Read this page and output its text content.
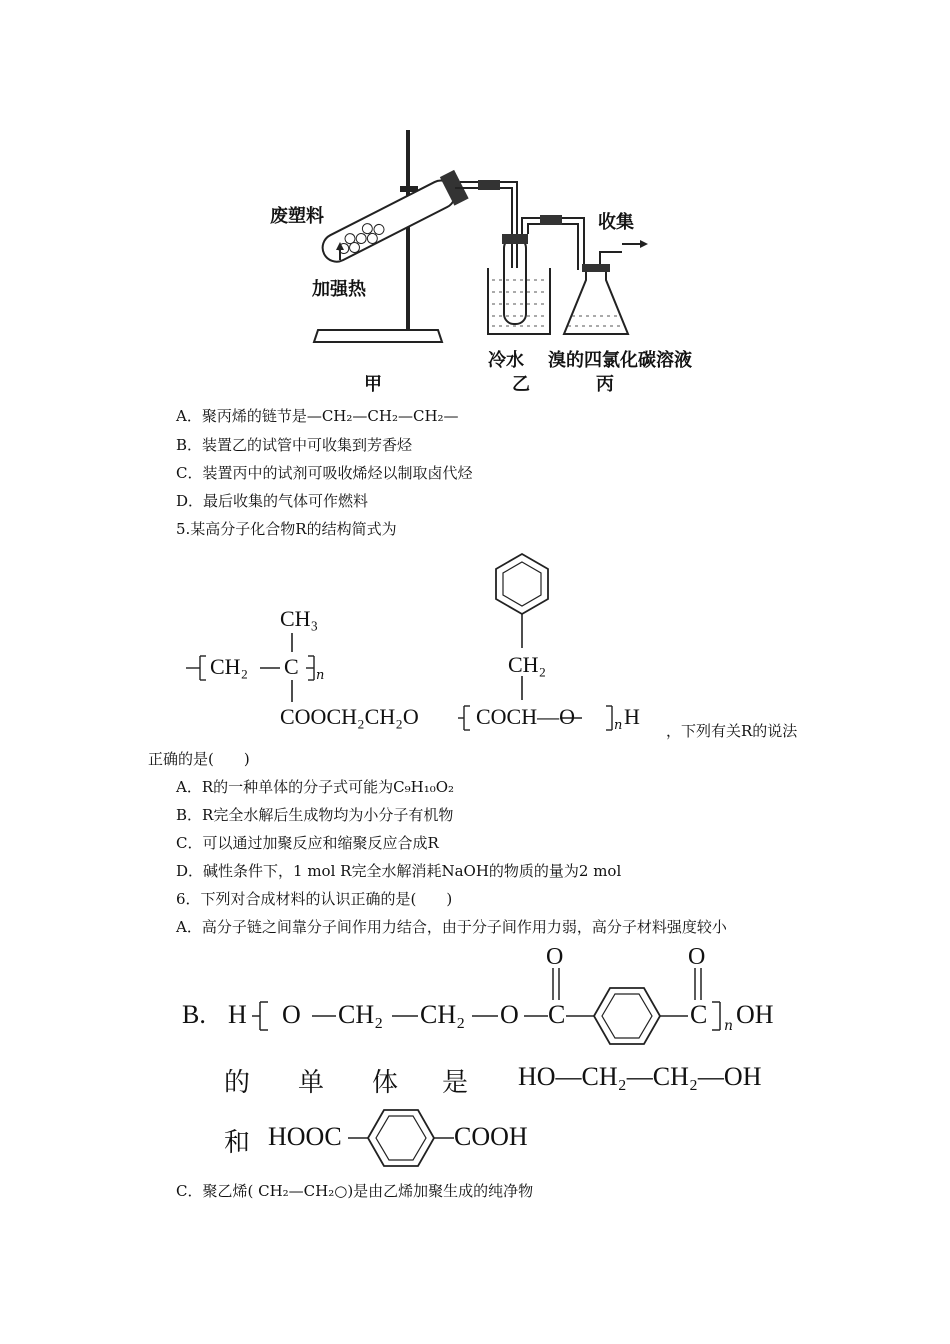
废塑料
加强热
收集
冷水 溴的四氯化碳溶液
甲	乙	丙
A．聚丙烯的链节是—CH₂—CH₂—CH₂—
B．装置乙的试管中可收集到芳香烃
C．装置丙中的试剂可吸收烯烃以制取卤代烃
D．最后收集的气体可作燃料
5.某高分子化合物R的结构简式为
CH₃
CH₂ C n	CH₂
COOCH₂CH₂O	COCH—O	n H
，下列有关R的说法
正确的是(　　)
A．R的一种单体的分子式可能为C₉H₁₀O₂
B．R完全水解后生成物均为小分子有机物
C．可以通过加聚反应和缩聚反应合成R
D．碱性条件下，1 mol R完全水解消耗NaOH的物质的量为2 mol
6．下列对合成材料的认识正确的是(　　)
A．高分子链之间靠分子间作用力结合，由于分子间作用力弱，高分子材料强度较小
B. H O CH₂ CH₂ O C	C n OH
O	O
的 单 体 是 HO—CH₂—CH₂—OH
和 HOOC	COOH
C．聚乙烯( CH₂—CH₂○)是由乙烯加聚生成的纯净物
